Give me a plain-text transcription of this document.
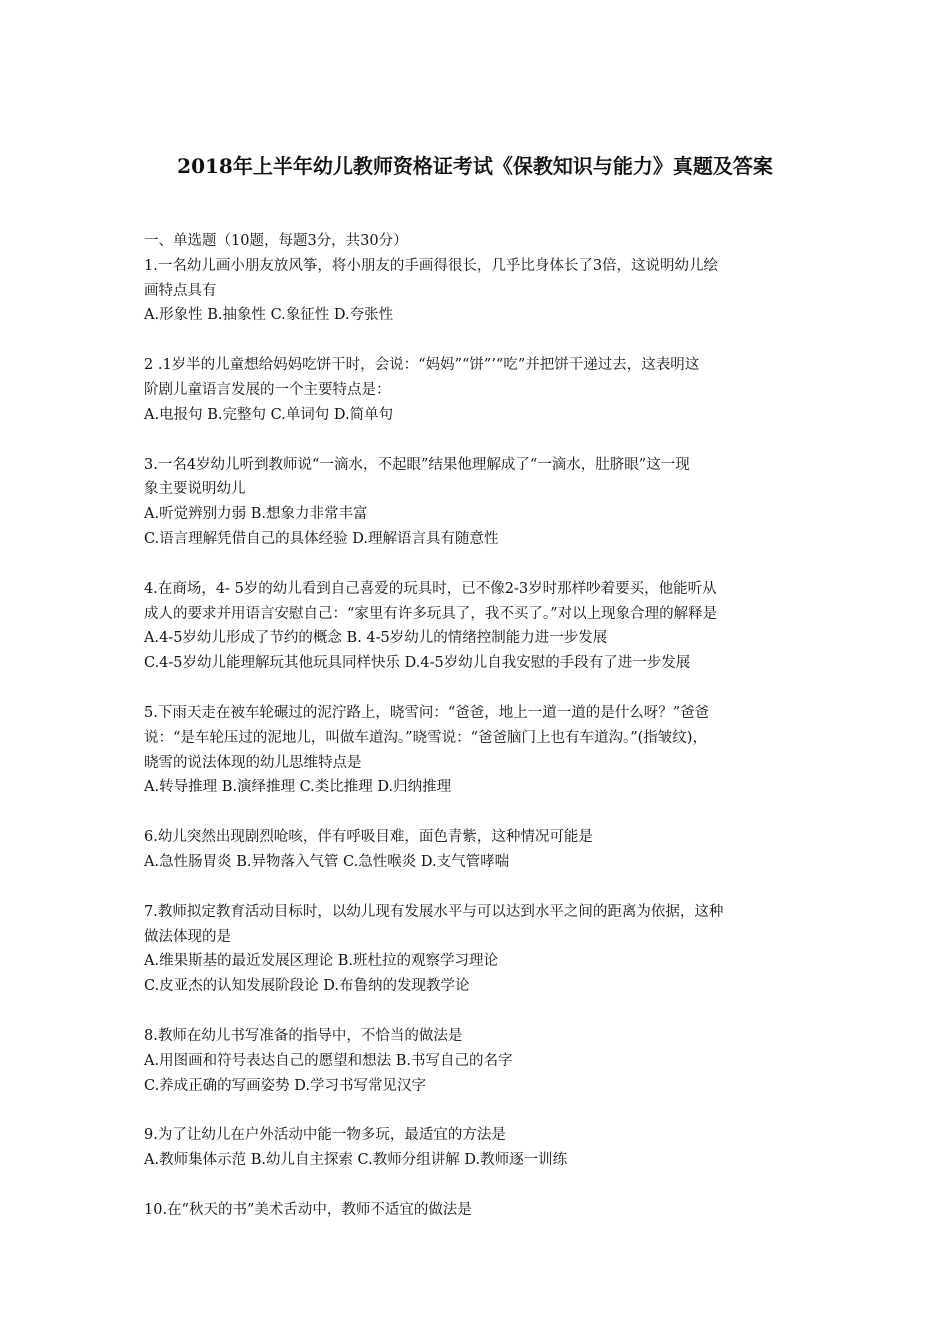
2018年上半年幼儿教师资格证考试《保教知识与能力》真题及答案
一、单选题（10题，每题3分，共30分）
1.一名幼儿画小朋友放风筝，将小朋友的手画得很长，几乎比身体长了3倍，这说明幼儿绘
画特点具有
A.形象性 B.抽象性 C.象征性 D.夸张性
2 .1岁半的儿童想给妈妈吃饼干时，会说：“妈妈”“饼”’“吃”并把饼干递过去，这表明这
阶剧儿童语言发展的一个主要特点是：
A.电报句 B.完整句 C.单词句 D.简单句
3.一名4岁幼儿听到教师说“一滴水，不起眼”结果他理解成了“一滴水，肚脐眼”这一现
象主要说明幼儿
A.听觉辨别力弱 B.想象力非常丰富
C.语言理解凭借自己的具体经验 D.理解语言具有随意性
4.在商场，4- 5岁的幼儿看到自己喜爱的玩具时，已不像2-3岁时那样吵着要买，他能听从
成人的要求并用语言安慰自己：“家里有许多玩具了，我不买了。”对以上现象合理的解释是
A.4-5岁幼儿形成了节约的概念 B. 4-5岁幼儿的情绪控制能力进一步发展
C.4-5岁幼儿能理解玩其他玩具同样快乐 D.4-5岁幼儿自我安慰的手段有了进一步发展
5.下雨天走在被车轮碾过的泥泞路上，晓雪问：“爸爸，地上一道一道的是什么呀？”爸爸
说：“是车轮压过的泥地儿，叫做车道沟。”晓雪说：“爸爸脑门上也有车道沟。”(指皱纹)，
晓雪的说法体现的幼儿思维特点是
A.转导推理 B.演绎推理 C.类比推理 D.归纳推理
6.幼儿突然出现剧烈呛咳，伴有呼吸目难，面色青紫，这种情况可能是
A.急性肠胃炎 B.异物落入气管 C.急性喉炎 D.支气管哮喘
7.教师拟定教育活动目标时，以幼儿现有发展水平与可以达到水平之间的距离为依据，这种
做法体现的是
A.维果斯基的最近发展区理论 B.班杜拉的观察学习理论
C.皮亚杰的认知发展阶段论 D.布鲁纳的发现教学论
8.教师在幼儿书写准备的指导中，不恰当的做法是
A.用图画和符号表达自己的愿望和想法 B.书写自己的名字
C.养成正确的写画姿势 D.学习书写常见汉字
9.为了让幼儿在户外活动中能一物多玩，最适宜的方法是
A.教师集体示范 B.幼儿自主探索 C.教师分组讲解 D.教师逐一训练
10.在“秋天的书”美术舌动中，教师不适宜的做法是
